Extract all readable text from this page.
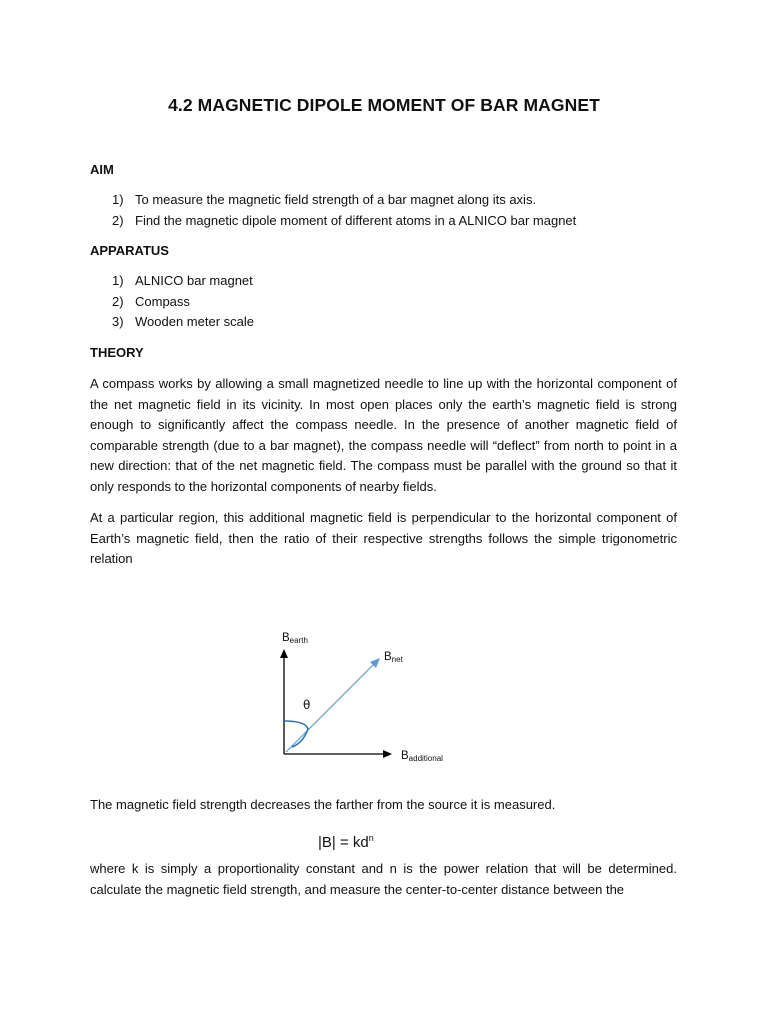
4.2 MAGNETIC DIPOLE MOMENT OF BAR MAGNET
AIM
1) To measure the magnetic field strength of a bar magnet along its axis.
2) Find the magnetic dipole moment of different atoms in a ALNICO bar magnet
APPARATUS
1) ALNICO bar magnet
2) Compass
3) Wooden meter scale
THEORY

A compass works by allowing a small magnetized needle to line up with the horizontal component of the net magnetic field in its vicinity. In most open places only the earth’s magnetic field is strong enough to significantly affect the compass needle. In the presence of another magnetic field of comparable strength (due to a bar magnet), the compass needle will “deflect” from north to point in a new direction: that of the net magnetic field. The compass must be parallel with the ground so that it only responds to the horizontal components of nearby fields.

At a particular region, this additional magnetic field is perpendicular to the horizontal component of Earth’s magnetic field, then the ratio of their respective strengths follows the simple trigonometric relation

Bearth
Bnet
θ
Badditional

The magnetic field strength decreases the farther from the source it is measured.

$|B| = kd^n$

where k is simply a proportionality constant and n is the power relation that will be determined. calculate the magnetic field strength, and measure the center-to-center distance between the
